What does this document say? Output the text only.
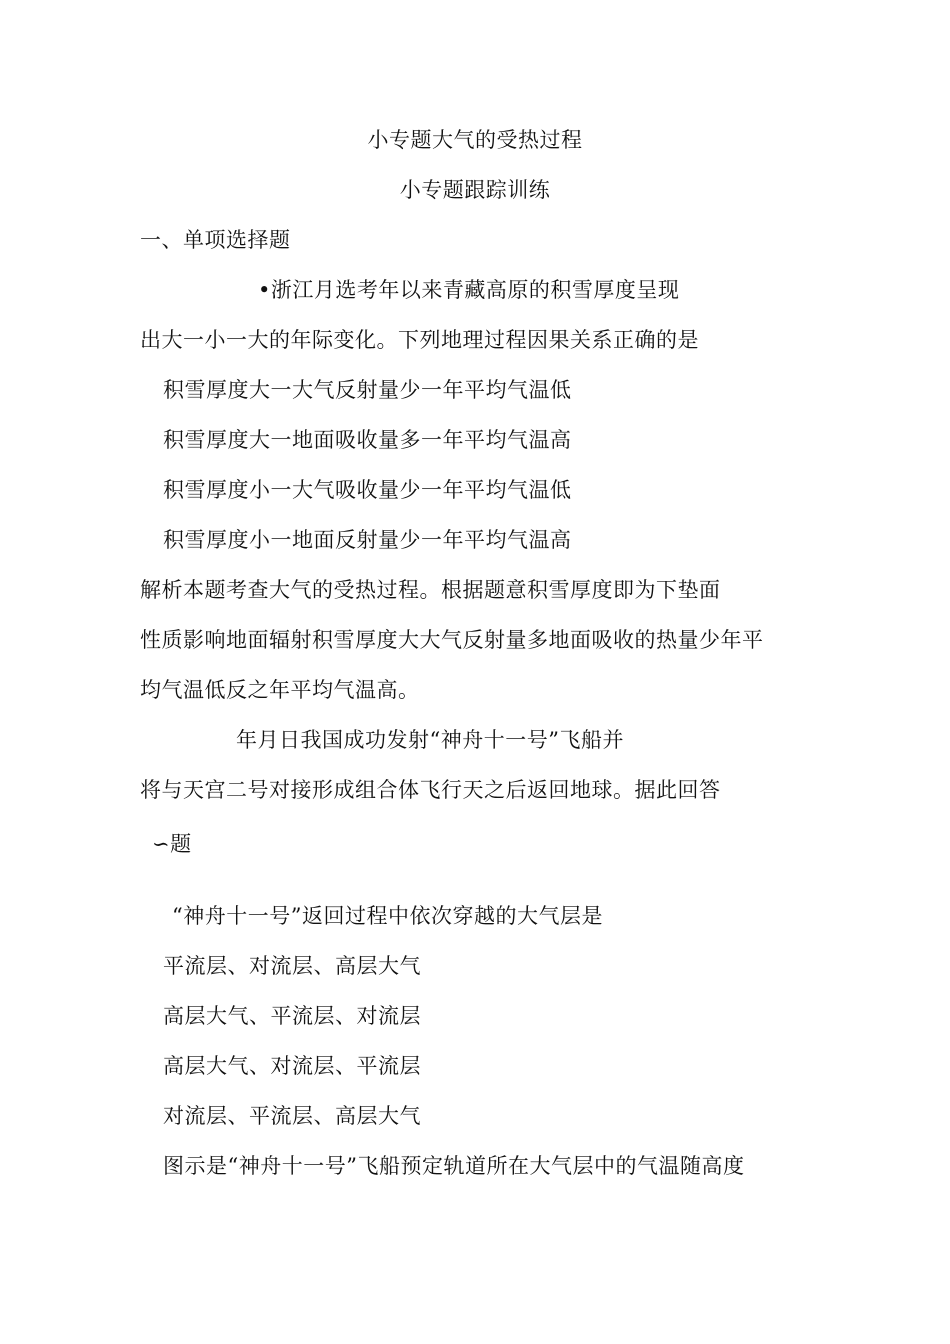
小专题大气的受热过程
小专题跟踪训练
一、单项选择题
•浙江月选考年以来青藏高原的积雪厚度呈现
出大一小一大的年际变化。下列地理过程因果关系正确的是
积雪厚度大一大气反射量少一年平均气温低
积雪厚度大一地面吸收量多一年平均气温高
积雪厚度小一大气吸收量少一年平均气温低
积雪厚度小一地面反射量少一年平均气温高
解析本题考查大气的受热过程。根据题意积雪厚度即为下垫面
性质影响地面辐射积雪厚度大大气反射量多地面吸收的热量少年平
均气温低反之年平均气温高。
年月日我国成功发射“神舟十一号”飞船并
将与天宫二号对接形成组合体飞行天之后返回地球。据此回答
∽题
“神舟十一号”返回过程中依次穿越的大气层是
平流层、对流层、高层大气
高层大气、平流层、对流层
高层大气、对流层、平流层
对流层、平流层、高层大气
图示是“神舟十一号”飞船预定轨道所在大气层中的气温随高度
